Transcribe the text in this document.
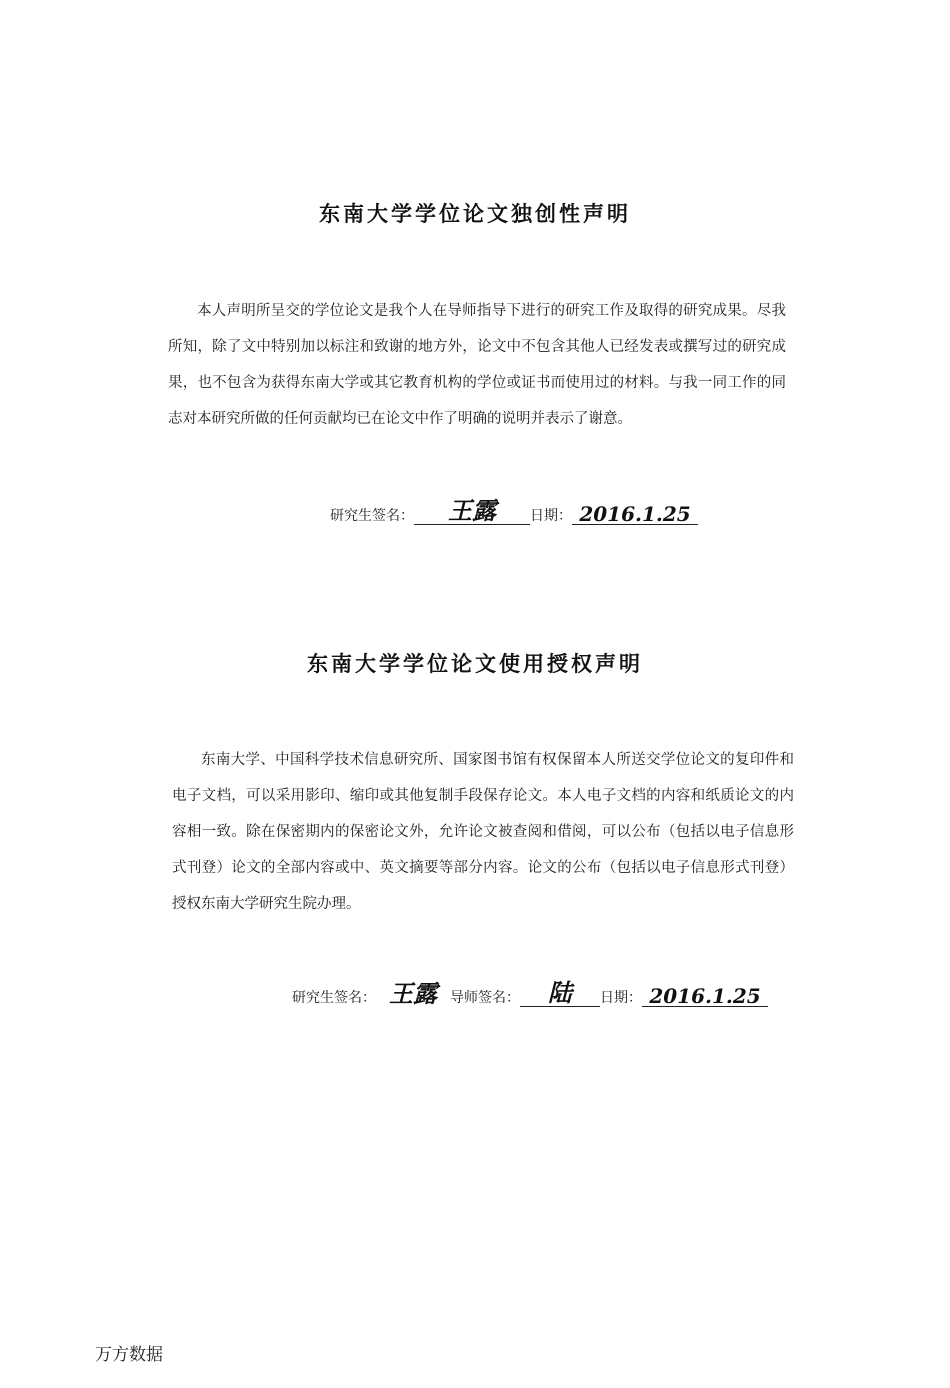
东南大学学位论文独创性声明

本人声明所呈交的学位论文是我个人在导师指导下进行的研究工作及取得的研究成果。尽我所知，除了文中特别加以标注和致谢的地方外，论文中不包含其他人已经发表或撰写过的研究成果，也不包含为获得东南大学或其它教育机构的学位或证书而使用过的材料。与我一同工作的同志对本研究所做的任何贡献均已在论文中作了明确的说明并表示了谢意。

研究生签名：	王露	日期： 2016.1.25
东南大学学位论文使用授权声明

东南大学、中国科学技术信息研究所、国家图书馆有权保留本人所送交学位论文的复印件和电子文档，可以采用影印、缩印或其他复制手段保存论文。本人电子文档的内容和纸质论文的内容相一致。除在保密期内的保密论文外，允许论文被查阅和借阅，可以公布（包括以电子信息形式刊登）论文的全部内容或中、英文摘要等部分内容。论文的公布（包括以电子信息形式刊登）授权东南大学研究生院办理。

研究生签名： 王露 导师签名：	陆	日期： 2016.1.25
万方数据
